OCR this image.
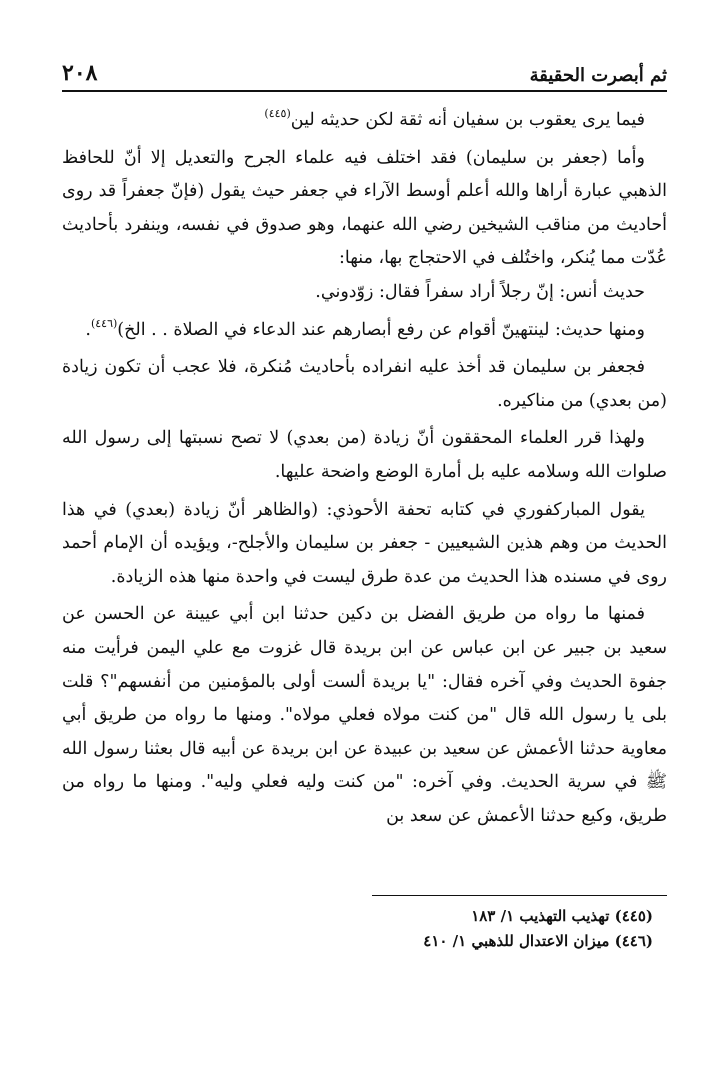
ثم أبصرت الحقيقة
٢٠٨

فيما يرى يعقوب بن سفيان أنه ثقة لكن حديثه لين$^{(٤٤٥)}$

وأما (جعفر بن سليمان) فقد اختلف فيه علماء الجرح والتعديل إلا أنّ للحافظ الذهبي عبارة أراها والله أعلم أوسط الآراء في جعفر حيث يقول (فإنّ جعفراً قد روى أحاديث من مناقب الشيخين رضي الله عنهما، وهو صدوق في نفسه، وينفرد بأحاديث عُدّت مما يُنكر، واختُلف في الاحتجاج بها، منها:

حديث أنس: إنّ رجلاً أراد سفراً فقال: زوّدوني.

ومنها حديث: لينتهينّ أقوام عن رفع أبصارهم عند الدعاء في الصلاة . . الخ)$^{(٤٤٦)}$.

فجعفر بن سليمان قد أخذ عليه انفراده بأحاديث مُنكرة، فلا عجب أن تكون زيادة (من بعدي) من مناكيره.

ولهذا قرر العلماء المحققون أنّ زيادة (من بعدي) لا تصح نسبتها إلى رسول الله صلوات الله وسلامه عليه بل أمارة الوضع واضحة عليها.

يقول المباركفوري في كتابه تحفة الأحوذي: (والظاهر أنّ زيادة (بعدي) في هذا الحديث من وهم هذين الشيعيين - جعفر بن سليمان والأجلح-، ويؤيده أن الإمام أحمد روى في مسنده هذا الحديث من عدة طرق ليست في واحدة منها هذه الزيادة.

فمنها ما رواه من طريق الفضل بن دكين حدثنا ابن أبي عيينة عن الحسن عن سعيد بن جبير عن ابن عباس عن ابن بريدة قال غزوت مع علي اليمن فرأيت منه جفوة الحديث وفي آخره فقال: "يا بريدة ألست أولى بالمؤمنين من أنفسهم"؟ قلت بلى يا رسول الله قال "من كنت مولاه فعلي مولاه". ومنها ما رواه من طريق أبي معاوية حدثنا الأعمش عن سعيد بن عبيدة عن ابن بريدة عن أبيه قال بعثنا رسول الله ﷺ في سرية الحديث. وفي آخره: "من كنت وليه فعلي وليه". ومنها ما رواه من طريق، وكيع حدثنا الأعمش عن سعد بن

(٤٤٥) تهذيب التهذيب ١/ ١٨٣

(٤٤٦) ميزان الاعتدال للذهبي ١/ ٤١٠
